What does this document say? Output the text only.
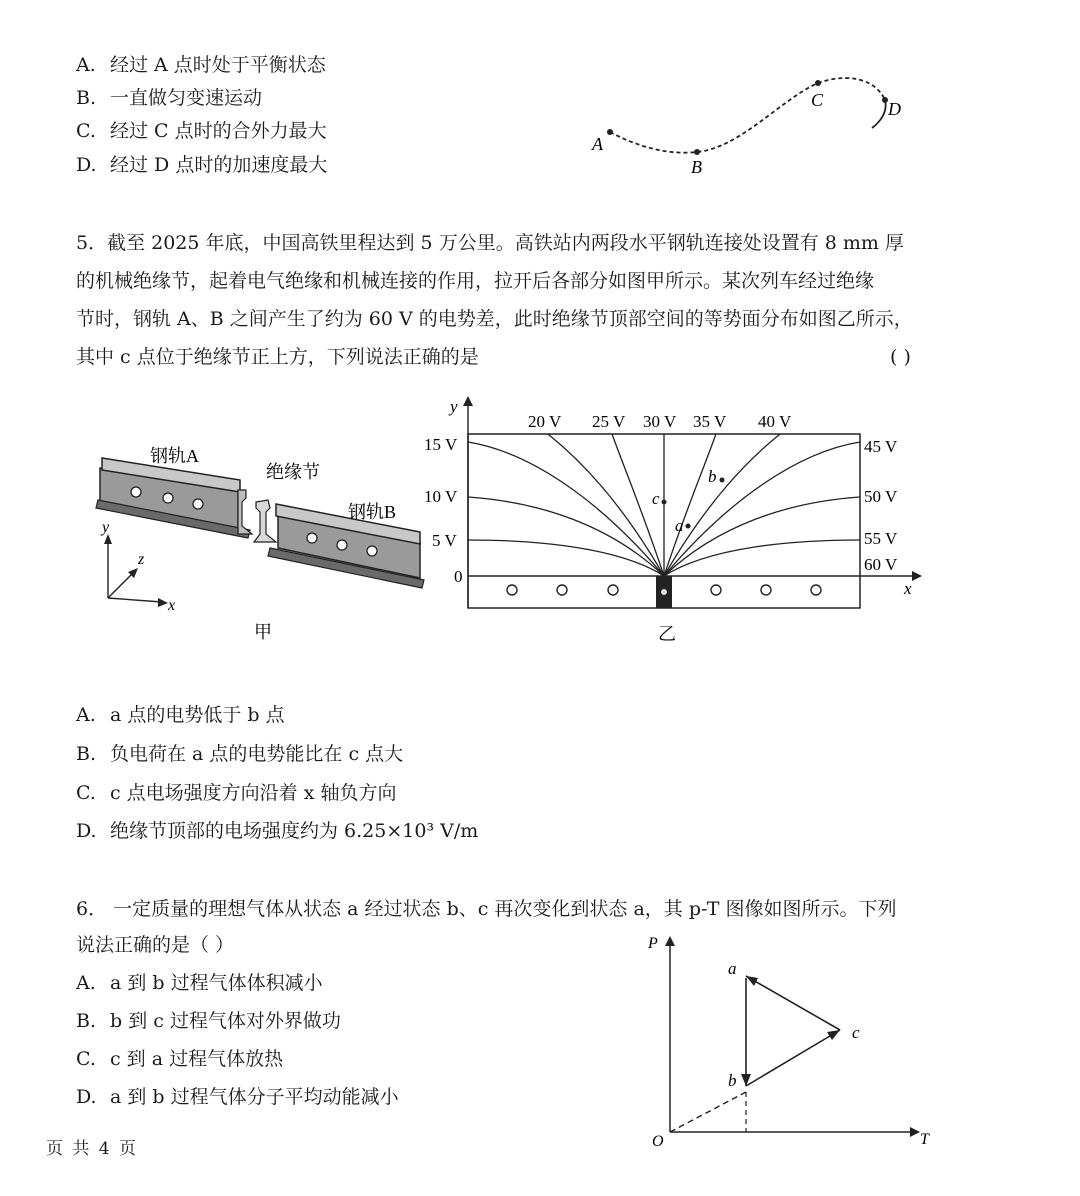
A. 经过 A 点时处于平衡状态
B. 一直做匀变速运动
C. 经过 C 点时的合外力最大
D. 经过 D 点时的加速度最大
A
B
C	D
5．截至 2025 年底，中国高铁里程达到 5 万公里。高铁站内两段水平钢轨连接处设置有 8 mm 厚
的机械绝缘节，起着电气绝缘和机械连接的作用，拉开后各部分如图甲所示。某次列车经过绝缘
节时，钢轨 A、B 之间产生了约为 60 V 的电势差，此时绝缘节顶部空间的等势面分布如图乙所示，
其中 c 点位于绝缘节正上方，下列说法正确的是	( )
钢轨A
绝缘节
钢轨B
y
z
x
甲
y
x
0
15 V
10 V
5 V
20 V 25 V 30 V 35 V 40 V
45 V
50 V
55 V
60 V
c
a
b
乙
A. a 点的电势低于 b 点
B. 负电荷在 a 点的电势能比在 c 点大
C. c 点电场强度方向沿着 x 轴负方向
D. 绝缘节顶部的电场强度约为 6.25×10³ V/m
6． 一定质量的理想气体从状态 a 经过状态 b、c 再次变化到状态 a，其 p-T 图像如图所示。下列
说法正确的是（ ）
A. a 到 b 过程气体体积减小
B. b 到 c 过程气体对外界做功
C. c 到 a 过程气体放热
D. a 到 b 过程气体分子平均动能减小
P
T
O
a
b
c
页 共 4 页
